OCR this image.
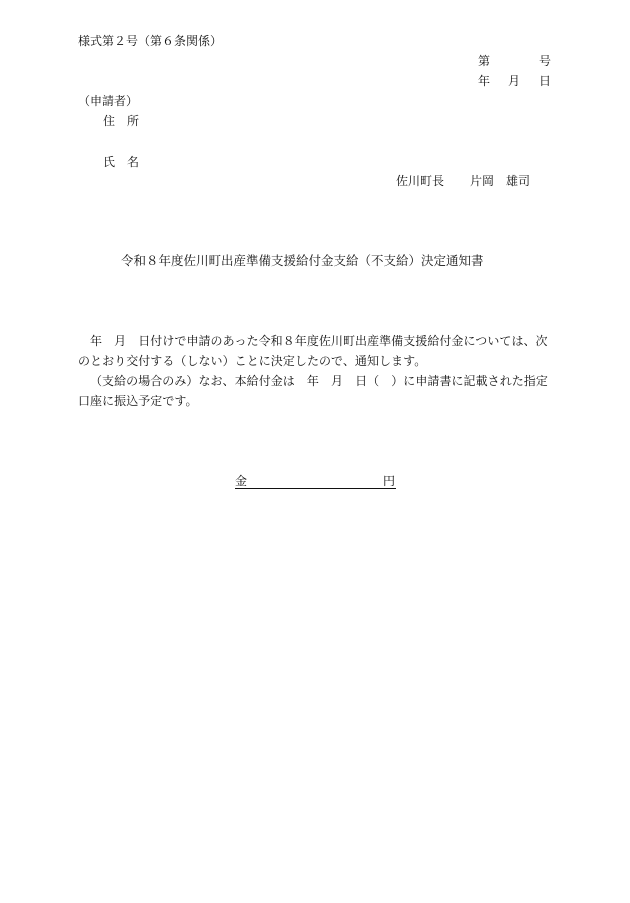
様式第２号（第６条関係）
第	号
年 月 日
（申請者）
住　所
氏　名
佐川町長 片岡　雄司
令和８年度佐川町出産準備支援給付金支給（不支給）決定通知書
　年　月　日付けで申請のあった令和８年度佐川町出産準備支援給付金については、次
のとおり交付する（しない）ことに決定したので、通知します。
（支給の場合のみ）なお、本給付金は　年　月　日（　）に申請書に記載された指定
口座に振込予定です。
金	円
